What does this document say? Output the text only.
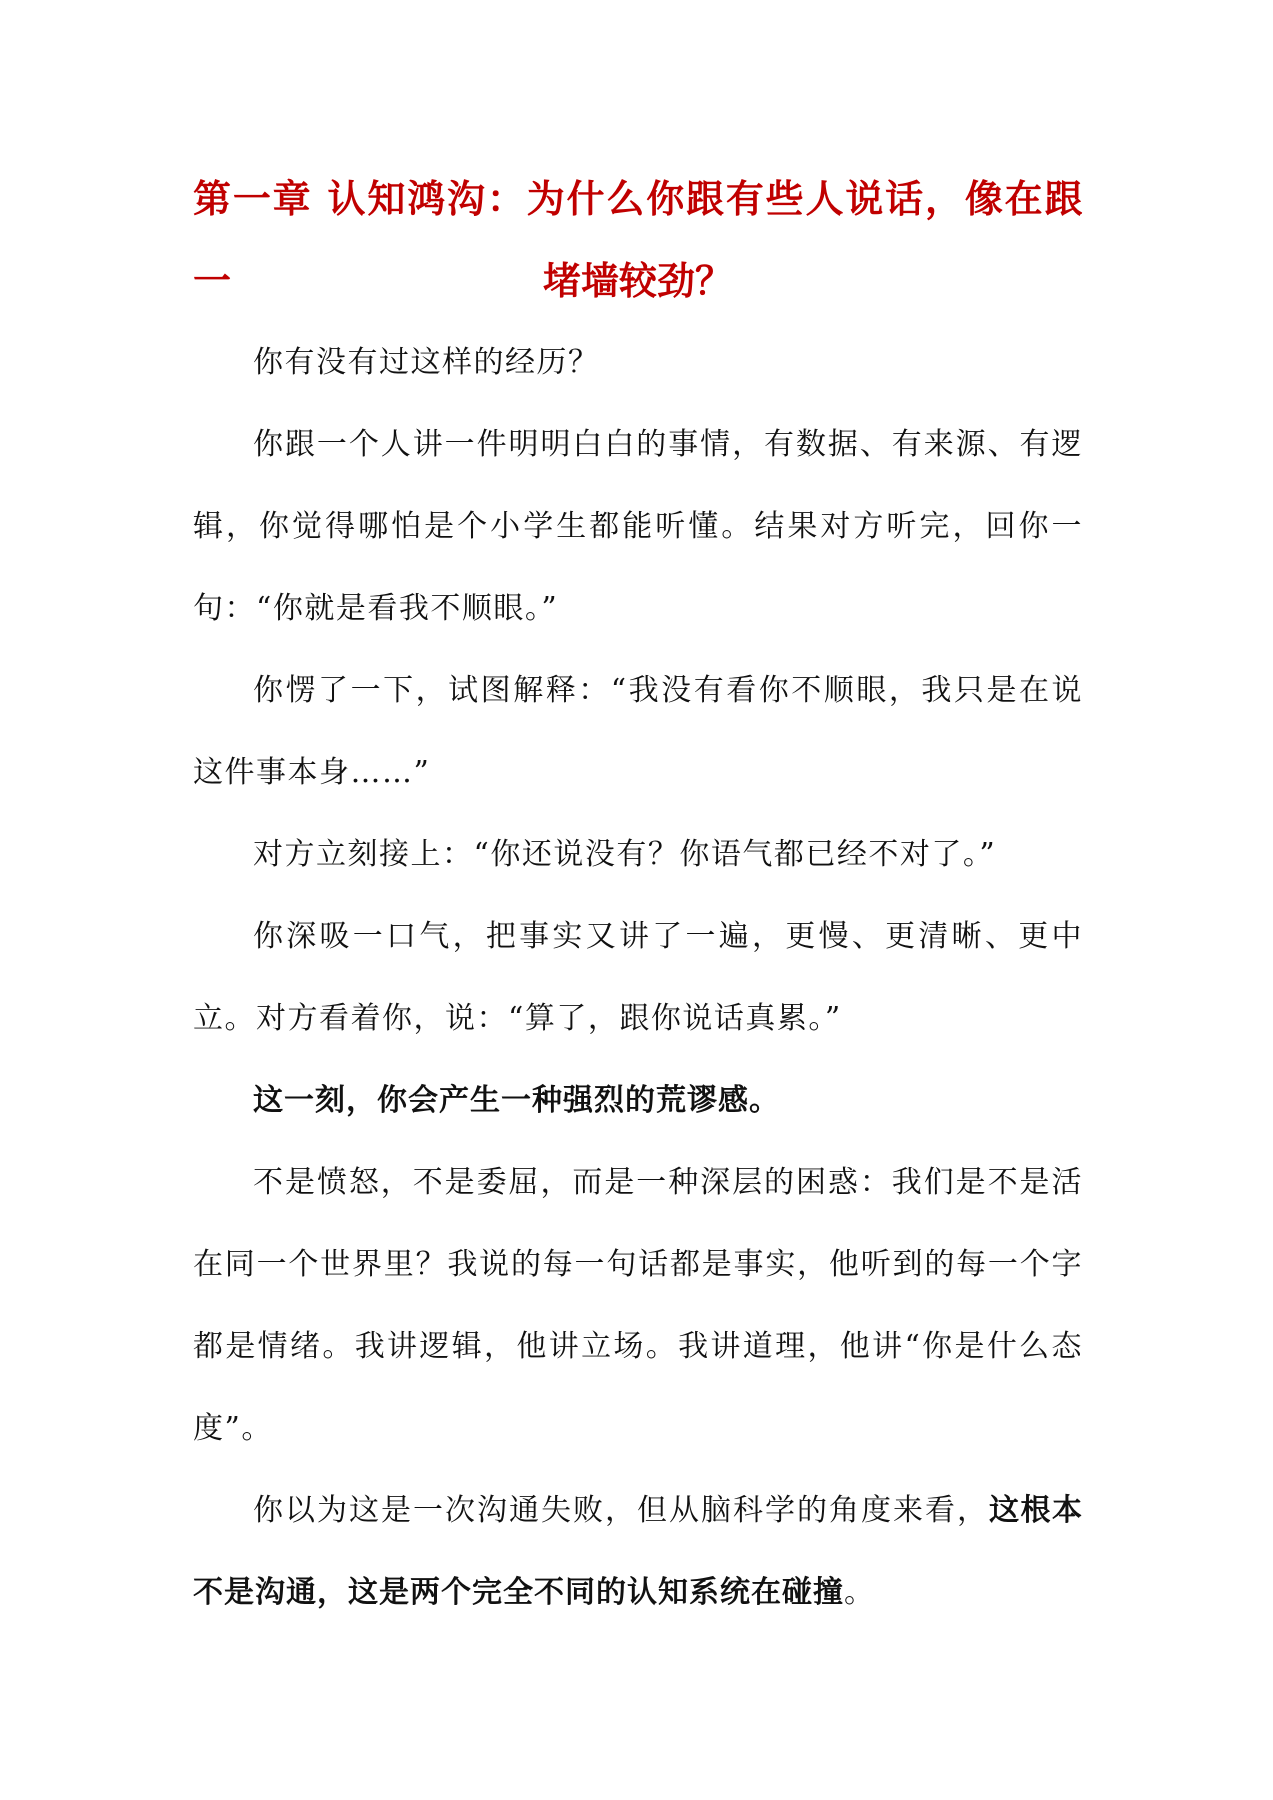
第一章 认知鸿沟：为什么你跟有些人说话，像在跟一	堵墙较劲？

你有没有过这样的经历？

你跟一个人讲一件明明白白的事情，有数据、有来源、有逻辑，你觉得哪怕是个小学生都能听懂。结果对方听完，回你一句：“你就是看我不顺眼。”

你愣了一下，试图解释：“我没有看你不顺眼，我只是在说这件事本身……”

对方立刻接上：“你还说没有？你语气都已经不对了。”

你深吸一口气，把事实又讲了一遍，更慢、更清晰、更中立。对方看着你，说：“算了，跟你说话真累。”

这一刻，你会产生一种强烈的荒谬感。

不是愤怒，不是委屈，而是一种深层的困惑：我们是不是活在同一个世界里？我说的每一句话都是事实，他听到的每一个字都是情绪。我讲逻辑，他讲立场。我讲道理，他讲“你是什么态度”。

你以为这是一次沟通失败，但从脑科学的角度来看，这根本不是沟通，这是两个完全不同的认知系统在碰撞。
